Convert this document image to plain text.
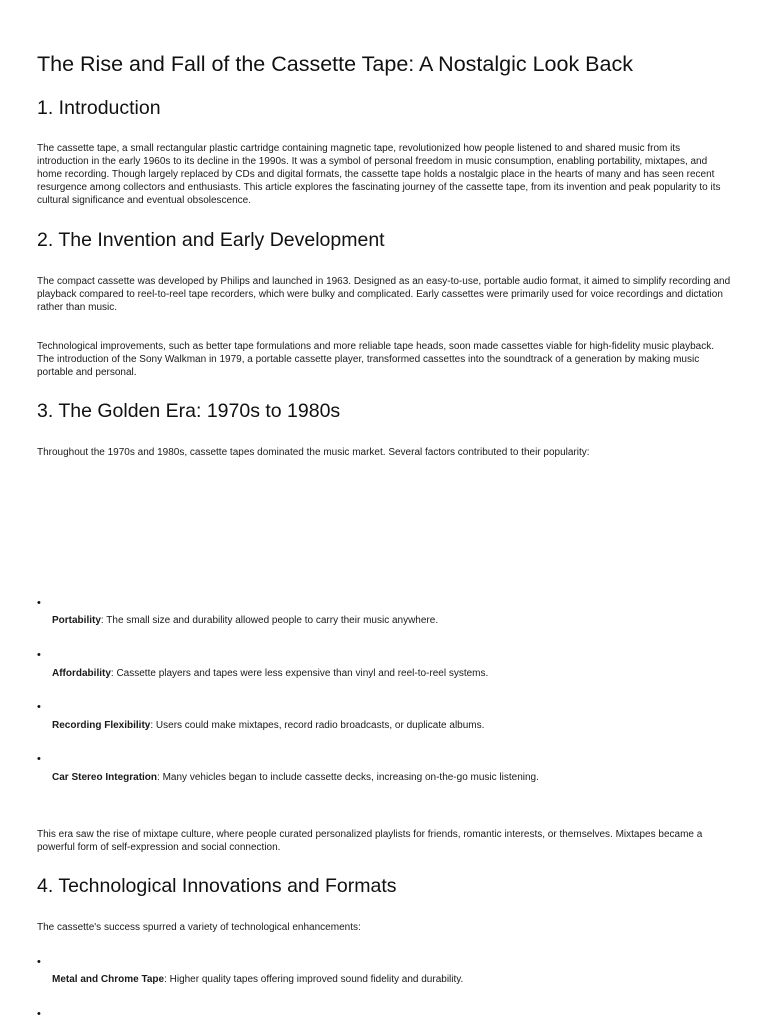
The Rise and Fall of the Cassette Tape: A Nostalgic Look Back
1. Introduction

The cassette tape, a small rectangular plastic cartridge containing magnetic tape, revolutionized how people listened to and shared music from its introduction in the early 1960s to its decline in the 1990s. It was a symbol of personal freedom in music consumption, enabling portability, mixtapes, and home recording. Though largely replaced by CDs and digital formats, the cassette tape holds a nostalgic place in the hearts of many and has seen recent resurgence among collectors and enthusiasts. This article explores the fascinating journey of the cassette tape, from its invention and peak popularity to its cultural significance and eventual obsolescence.

2. The Invention and Early Development

The compact cassette was developed by Philips and launched in 1963. Designed as an easy-to-use, portable audio format, it aimed to simplify recording and playback compared to reel-to-reel tape recorders, which were bulky and complicated. Early cassettes were primarily used for voice recordings and dictation rather than music.

Technological improvements, such as better tape formulations and more reliable tape heads, soon made cassettes viable for high-fidelity music playback. The introduction of the Sony Walkman in 1979, a portable cassette player, transformed cassettes into the soundtrack of a generation by making music portable and personal.

3. The Golden Era: 1970s to 1980s

Throughout the 1970s and 1980s, cassette tapes dominated the music market. Several factors contributed to their popularity:

•

Portability: The small size and durability allowed people to carry their music anywhere.

•

Affordability: Cassette players and tapes were less expensive than vinyl and reel-to-reel systems.

•

Recording Flexibility: Users could make mixtapes, record radio broadcasts, or duplicate albums.

•

Car Stereo Integration: Many vehicles began to include cassette decks, increasing on-the-go music listening.

This era saw the rise of mixtape culture, where people curated personalized playlists for friends, romantic interests, or themselves. Mixtapes became a powerful form of self-expression and social connection.

4. Technological Innovations and Formats

The cassette's success spurred a variety of technological enhancements:

•

Metal and Chrome Tape: Higher quality tapes offering improved sound fidelity and durability.

•
